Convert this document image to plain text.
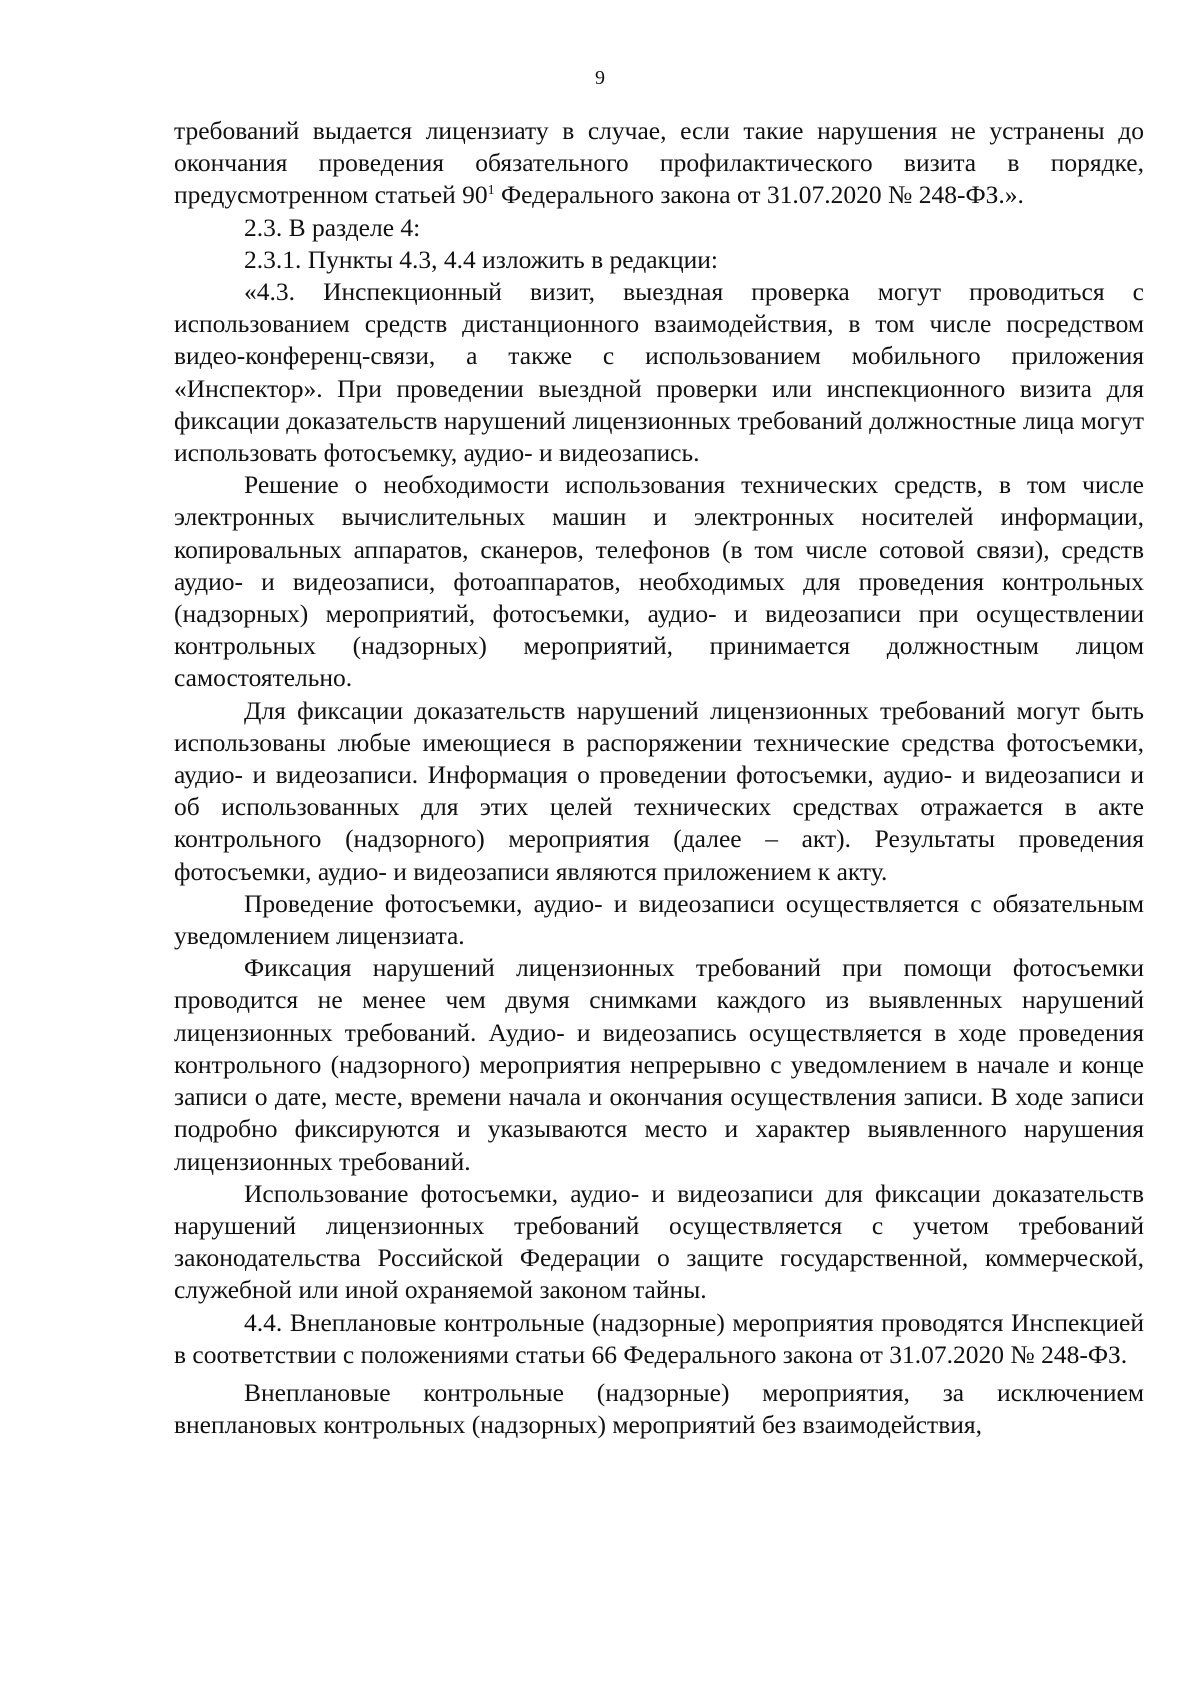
9

требований выдается лицензиату в случае, если такие нарушения не устранены до окончания проведения обязательного профилактического визита в порядке, предусмотренном статьей $90^1$ Федерального закона от 31.07.2020 № 248-ФЗ.».

2.3. В разделе 4:

2.3.1. Пункты 4.3, 4.4 изложить в редакции:

«4.3. Инспекционный визит, выездная проверка могут проводиться с использованием средств дистанционного взаимодействия, в том числе посредством видео-конференц-связи, а также с использованием мобильного приложения «Инспектор». При проведении выездной проверки или инспекционного визита для фиксации доказательств нарушений лицензионных требований должностные лица могут использовать фотосъемку, аудио- и видеозапись.

Решение о необходимости использования технических средств, в том числе электронных вычислительных машин и электронных носителей информации, копировальных аппаратов, сканеров, телефонов (в том числе сотовой связи), средств аудио- и видеозаписи, фотоаппаратов, необходимых для проведения контрольных (надзорных) мероприятий, фотосъемки, аудио- и видеозаписи при осуществлении контрольных (надзорных) мероприятий, принимается должностным лицом самостоятельно.

Для фиксации доказательств нарушений лицензионных требований могут быть использованы любые имеющиеся в распоряжении технические средства фотосъемки, аудио- и видеозаписи. Информация о проведении фотосъемки, аудио- и видеозаписи и об использованных для этих целей технических средствах отражается в акте контрольного (надзорного) мероприятия (далее – акт). Результаты проведения фотосъемки, аудио- и видеозаписи являются приложением к акту.

Проведение фотосъемки, аудио- и видеозаписи осуществляется с обязательным уведомлением лицензиата.

Фиксация нарушений лицензионных требований при помощи фотосъемки проводится не менее чем двумя снимками каждого из выявленных нарушений лицензионных требований. Аудио- и видеозапись осуществляется в ходе проведения контрольного (надзорного) мероприятия непрерывно с уведомлением в начале и конце записи о дате, месте, времени начала и окончания осуществления записи. В ходе записи подробно фиксируются и указываются место и характер выявленного нарушения лицензионных требований.

Использование фотосъемки, аудио- и видеозаписи для фиксации доказательств нарушений лицензионных требований осуществляется с учетом требований законодательства Российской Федерации о защите государственной, коммерческой, служебной или иной охраняемой законом тайны.

4.4. Внеплановые контрольные (надзорные) мероприятия проводятся Инспекцией в соответствии с положениями статьи 66 Федерального закона от 31.07.2020 № 248-ФЗ.

Внеплановые контрольные (надзорные) мероприятия, за исключением внеплановых контрольных (надзорных) мероприятий без взаимодействия,
